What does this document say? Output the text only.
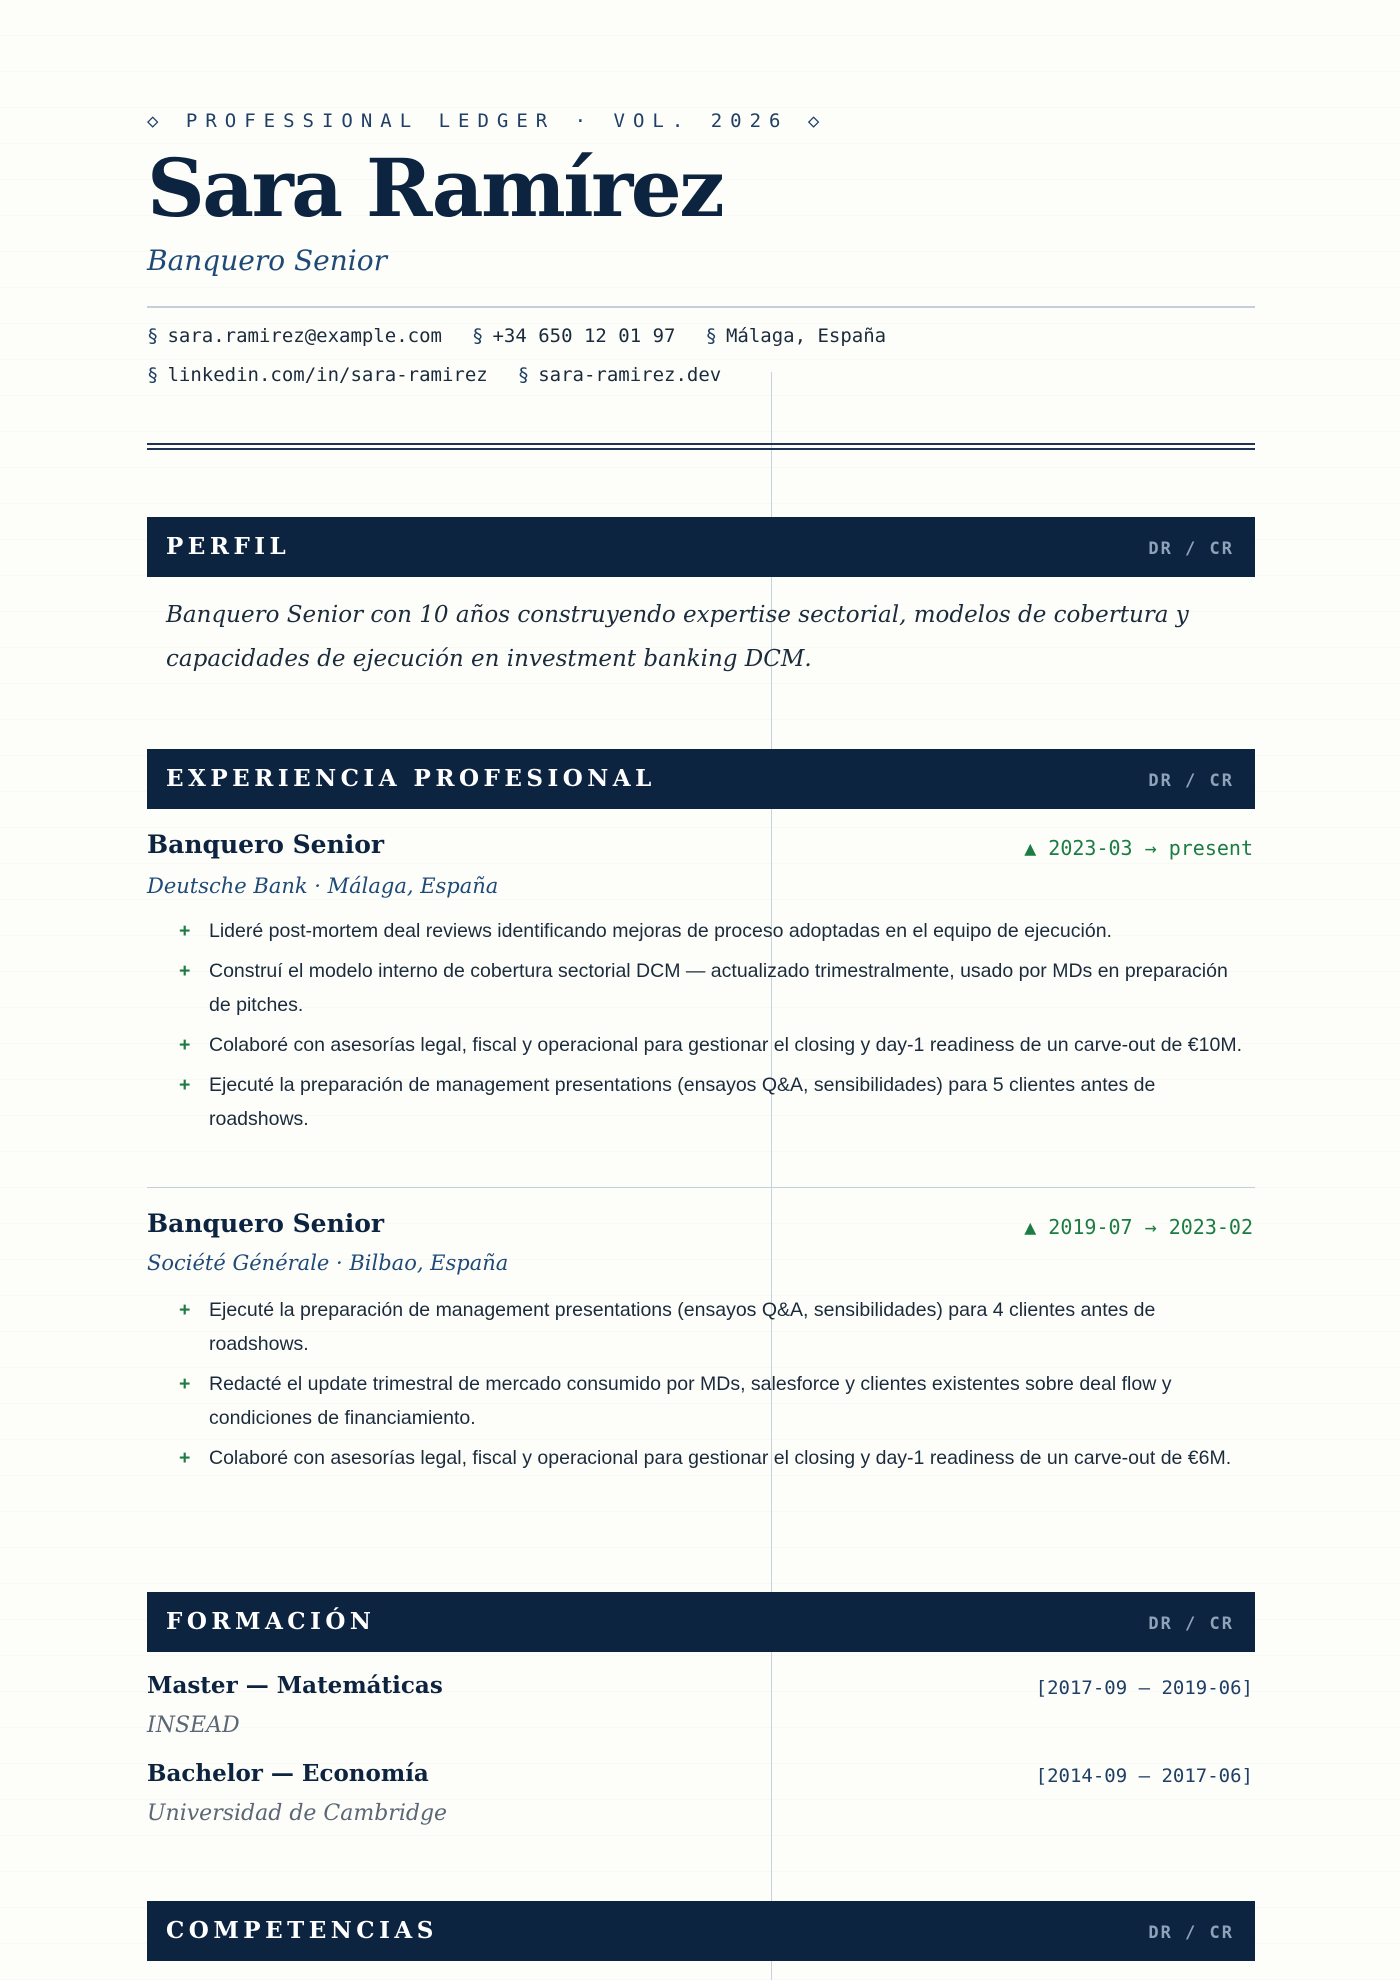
◇ PROFESSIONAL LEDGER · VOL. 2026 ◇
Sara Ramírez
Banquero Senior
§ sara.ramirez@example.com § +34 650 12 01 97 § Málaga, España
§ linkedin.com/in/sara-ramirez § sara-ramirez.dev
PERFIL	DR / CR
Banquero Senior con 10 años construyendo expertise sectorial, modelos de cobertura y capacidades de ejecución en investment banking DCM.
EXPERIENCIA PROFESIONAL	DR / CR
Banquero Senior	▲ 2023-03 → present
Deutsche Bank · Málaga, España
+ Lideré post-mortem deal reviews identificando mejoras de proceso adoptadas en el equipo de ejecución.
+ Construí el modelo interno de cobertura sectorial DCM — actualizado trimestralmente, usado por MDs en preparación de pitches.
+ Colaboré con asesorías legal, fiscal y operacional para gestionar el closing y day-1 readiness de un carve-out de €10M.
+ Ejecuté la preparación de management presentations (ensayos Q&A, sensibilidades) para 5 clientes antes de roadshows.
Banquero Senior	▲ 2019-07 → 2023-02
Société Générale · Bilbao, España
+ Ejecuté la preparación de management presentations (ensayos Q&A, sensibilidades) para 4 clientes antes de roadshows.
+ Redacté el update trimestral de mercado consumido por MDs, salesforce y clientes existentes sobre deal flow y condiciones de financiamiento.
+ Colaboré con asesorías legal, fiscal y operacional para gestionar el closing y day-1 readiness de un carve-out de €6M.
FORMACIÓN	DR / CR
Master — Matemáticas	[2017-09 – 2019-06]
INSEAD
Bachelor — Economía	[2014-09 – 2017-06]
Universidad de Cambridge
COMPETENCIAS	DR / CR
